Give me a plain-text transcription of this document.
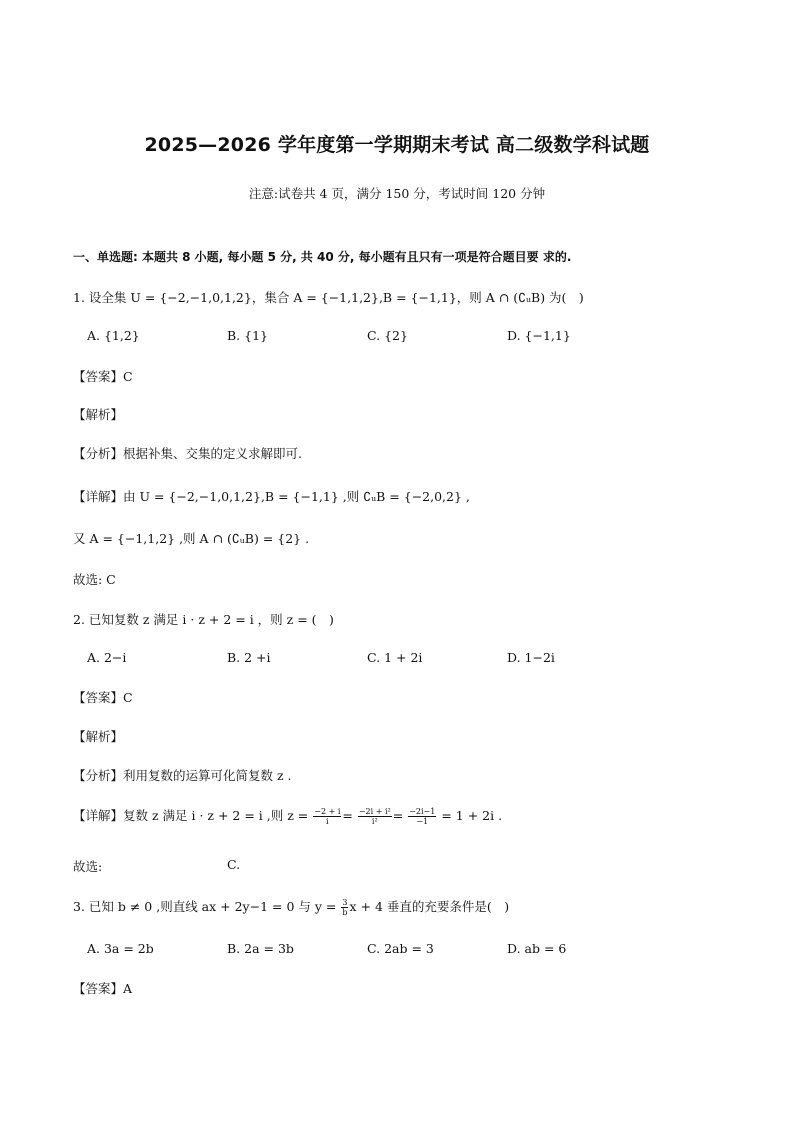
2025—2026 学年度第一学期期末考试 高二级数学科试题
注意:试卷共 4 页，满分 150 分，考试时间 120 分钟
一、单选题: 本题共 8 小题, 每小题 5 分, 共 40 分, 每小题有且只有一项是符合题目要 求的.
1. 设全集 U = {−2,−1,0,1,2}，集合 A = {−1,1,2},B = {−1,1}，则 A ∩ (∁ᵤB) 为(　)
A. {1,2}	B. {1}	C. {2}	D. {−1,1}
【答案】C
【解析】
【分析】根据补集、交集的定义求解即可.
【详解】由 U = {−2,−1,0,1,2},B = {−1,1} ,则 ∁ᵤB = {−2,0,2} ,
又 A = {−1,1,2} ,则 A ∩ (∁ᵤB) = {2} .
故选: C
2. 已知复数 z 满足 i · z + 2 = i ，则 z = (　)
A. 2−i	B. 2 +i	C. 1 + 2i	D. 1−2i
【答案】C
【解析】
【分析】利用复数的运算可化简复数 z .
【详解】复数 z 满足 i · z + 2 = i ,则 $z = \frac{-2 + i}{i} = \frac{\text{−2i + i²}}{\text{i²}} = \frac{-2i-1}{-1} = 1 + 2i$ .
故选:	C.
3. 已知 b ≠ 0 ,则直线 ax + 2y−1 = 0 与 $y = \frac{3}{b}$ x + 4 垂直的充要条件是(　)
A. 3a = 2b	B. 2a = 3b	C. 2ab = 3	D. ab = 6
【答案】A
